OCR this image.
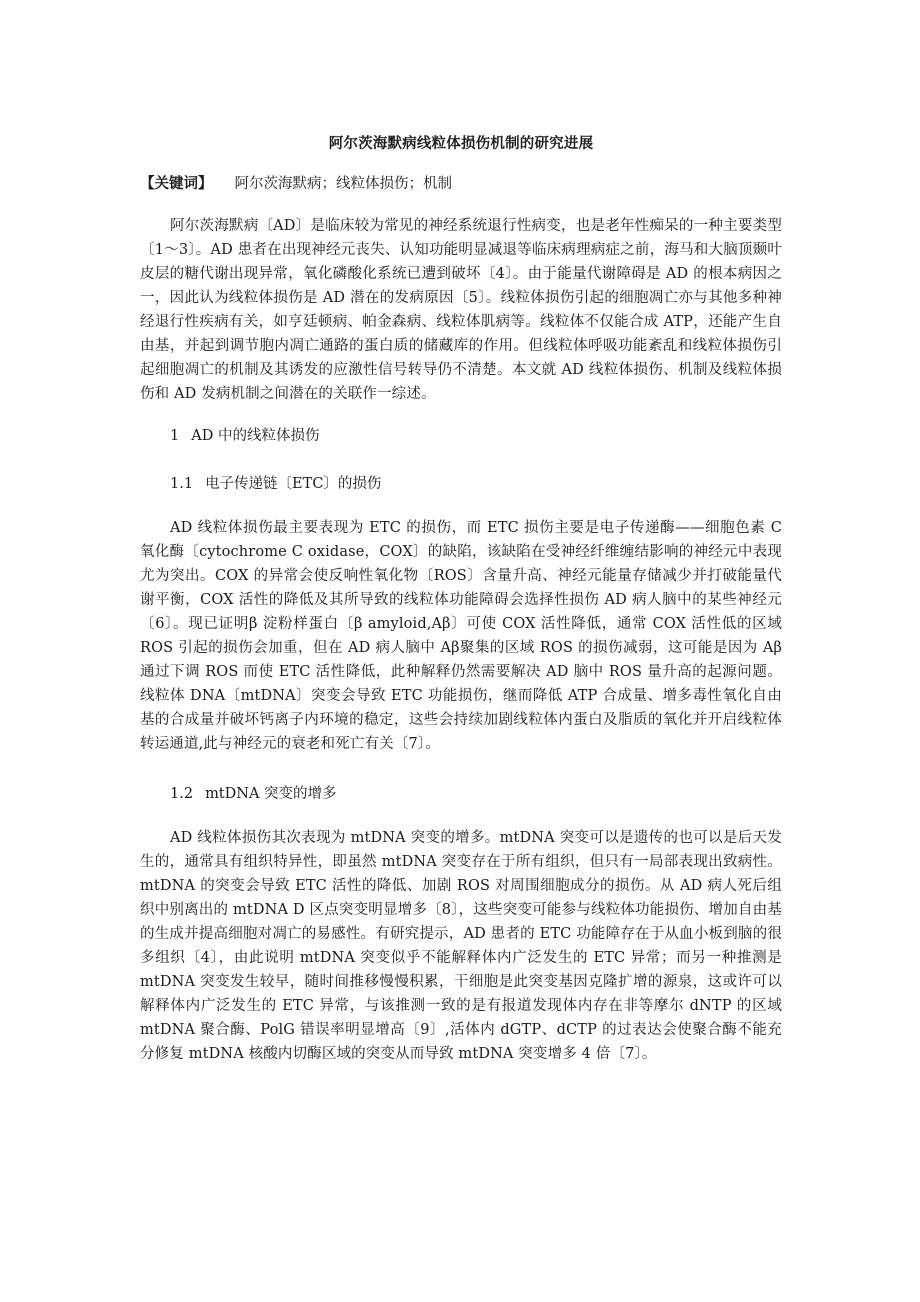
阿尔茨海默病线粒体损伤机制的研究进展

【关键词】 阿尔茨海默病；线粒体损伤；机制

阿尔茨海默病〔AD〕是临床较为常见的神经系统退行性病变，也是老年性痴呆的一种主要类型〔1～3〕。AD 患者在出现神经元丧失、认知功能明显减退等临床病理病症之前，海马和大脑顶颞叶皮层的糖代谢出现异常，氧化磷酸化系统已遭到破坏〔4〕。由于能量代谢障碍是 AD 的根本病因之一，因此认为线粒体损伤是 AD 潜在的发病原因〔5〕。线粒体损伤引起的细胞凋亡亦与其他多种神经退行性疾病有关，如亨廷顿病、帕金森病、线粒体肌病等。线粒体不仅能合成 ATP，还能产生自由基，并起到调节胞内凋亡通路的蛋白质的储藏库的作用。但线粒体呼吸功能紊乱和线粒体损伤引起细胞凋亡的机制及其诱发的应激性信号转导仍不清楚。本文就 AD 线粒体损伤、机制及线粒体损伤和 AD 发病机制之间潜在的关联作一综述。

1 AD 中的线粒体损伤

1.1 电子传递链〔ETC〕的损伤

AD 线粒体损伤最主要表现为 ETC 的损伤，而 ETC 损伤主要是电子传递酶——细胞色素 C 氧化酶〔cytochrome C oxidase，COX〕的缺陷，该缺陷在受神经纤维缠结影响的神经元中表现尤为突出。COX 的异常会使反响性氧化物〔ROS〕含量升高、神经元能量存储减少并打破能量代谢平衡，COX 活性的降低及其所导致的线粒体功能障碍会选择性损伤 AD 病人脑中的某些神经元〔6〕。现已证明β 淀粉样蛋白〔β amyloid,Aβ〕可使 COX 活性降低，通常 COX 活性低的区域 ROS 引起的损伤会加重，但在 AD 病人脑中 Aβ聚集的区域 ROS 的损伤减弱，这可能是因为 Aβ通过下调 ROS 而使 ETC 活性降低，此种解释仍然需要解决 AD 脑中 ROS 量升高的起源问题。线粒体 DNA〔mtDNA〕突变会导致 ETC 功能损伤，继而降低 ATP 合成量、增多毒性氧化自由基的合成量并破坏钙离子内环境的稳定，这些会持续加剧线粒体内蛋白及脂质的氧化并开启线粒体转运通道,此与神经元的衰老和死亡有关〔7〕。

1.2 mtDNA 突变的增多

AD 线粒体损伤其次表现为 mtDNA 突变的增多。mtDNA 突变可以是遗传的也可以是后天发生的，通常具有组织特异性，即虽然 mtDNA 突变存在于所有组织，但只有一局部表现出致病性。mtDNA 的突变会导致 ETC 活性的降低、加剧 ROS 对周围细胞成分的损伤。从 AD 病人死后组织中别离出的 mtDNA D 区点突变明显增多〔8〕，这些突变可能参与线粒体功能损伤、增加自由基的生成并提高细胞对凋亡的易感性。有研究提示，AD 患者的 ETC 功能障存在于从血小板到脑的很多组织〔4〕，由此说明 mtDNA 突变似乎不能解释体内广泛发生的 ETC 异常；而另一种推测是 mtDNA 突变发生较早，随时间推移慢慢积累，干细胞是此突变基因克隆扩增的源泉，这或许可以解释体内广泛发生的 ETC 异常，与该推测一致的是有报道发现体内存在非等摩尔 dNTP 的区域 mtDNA 聚合酶、PolG 错误率明显增高〔9〕,活体内 dGTP、dCTP 的过表达会使聚合酶不能充分修复 mtDNA 核酸内切酶区域的突变从而导致 mtDNA 突变增多 4 倍〔7〕。
